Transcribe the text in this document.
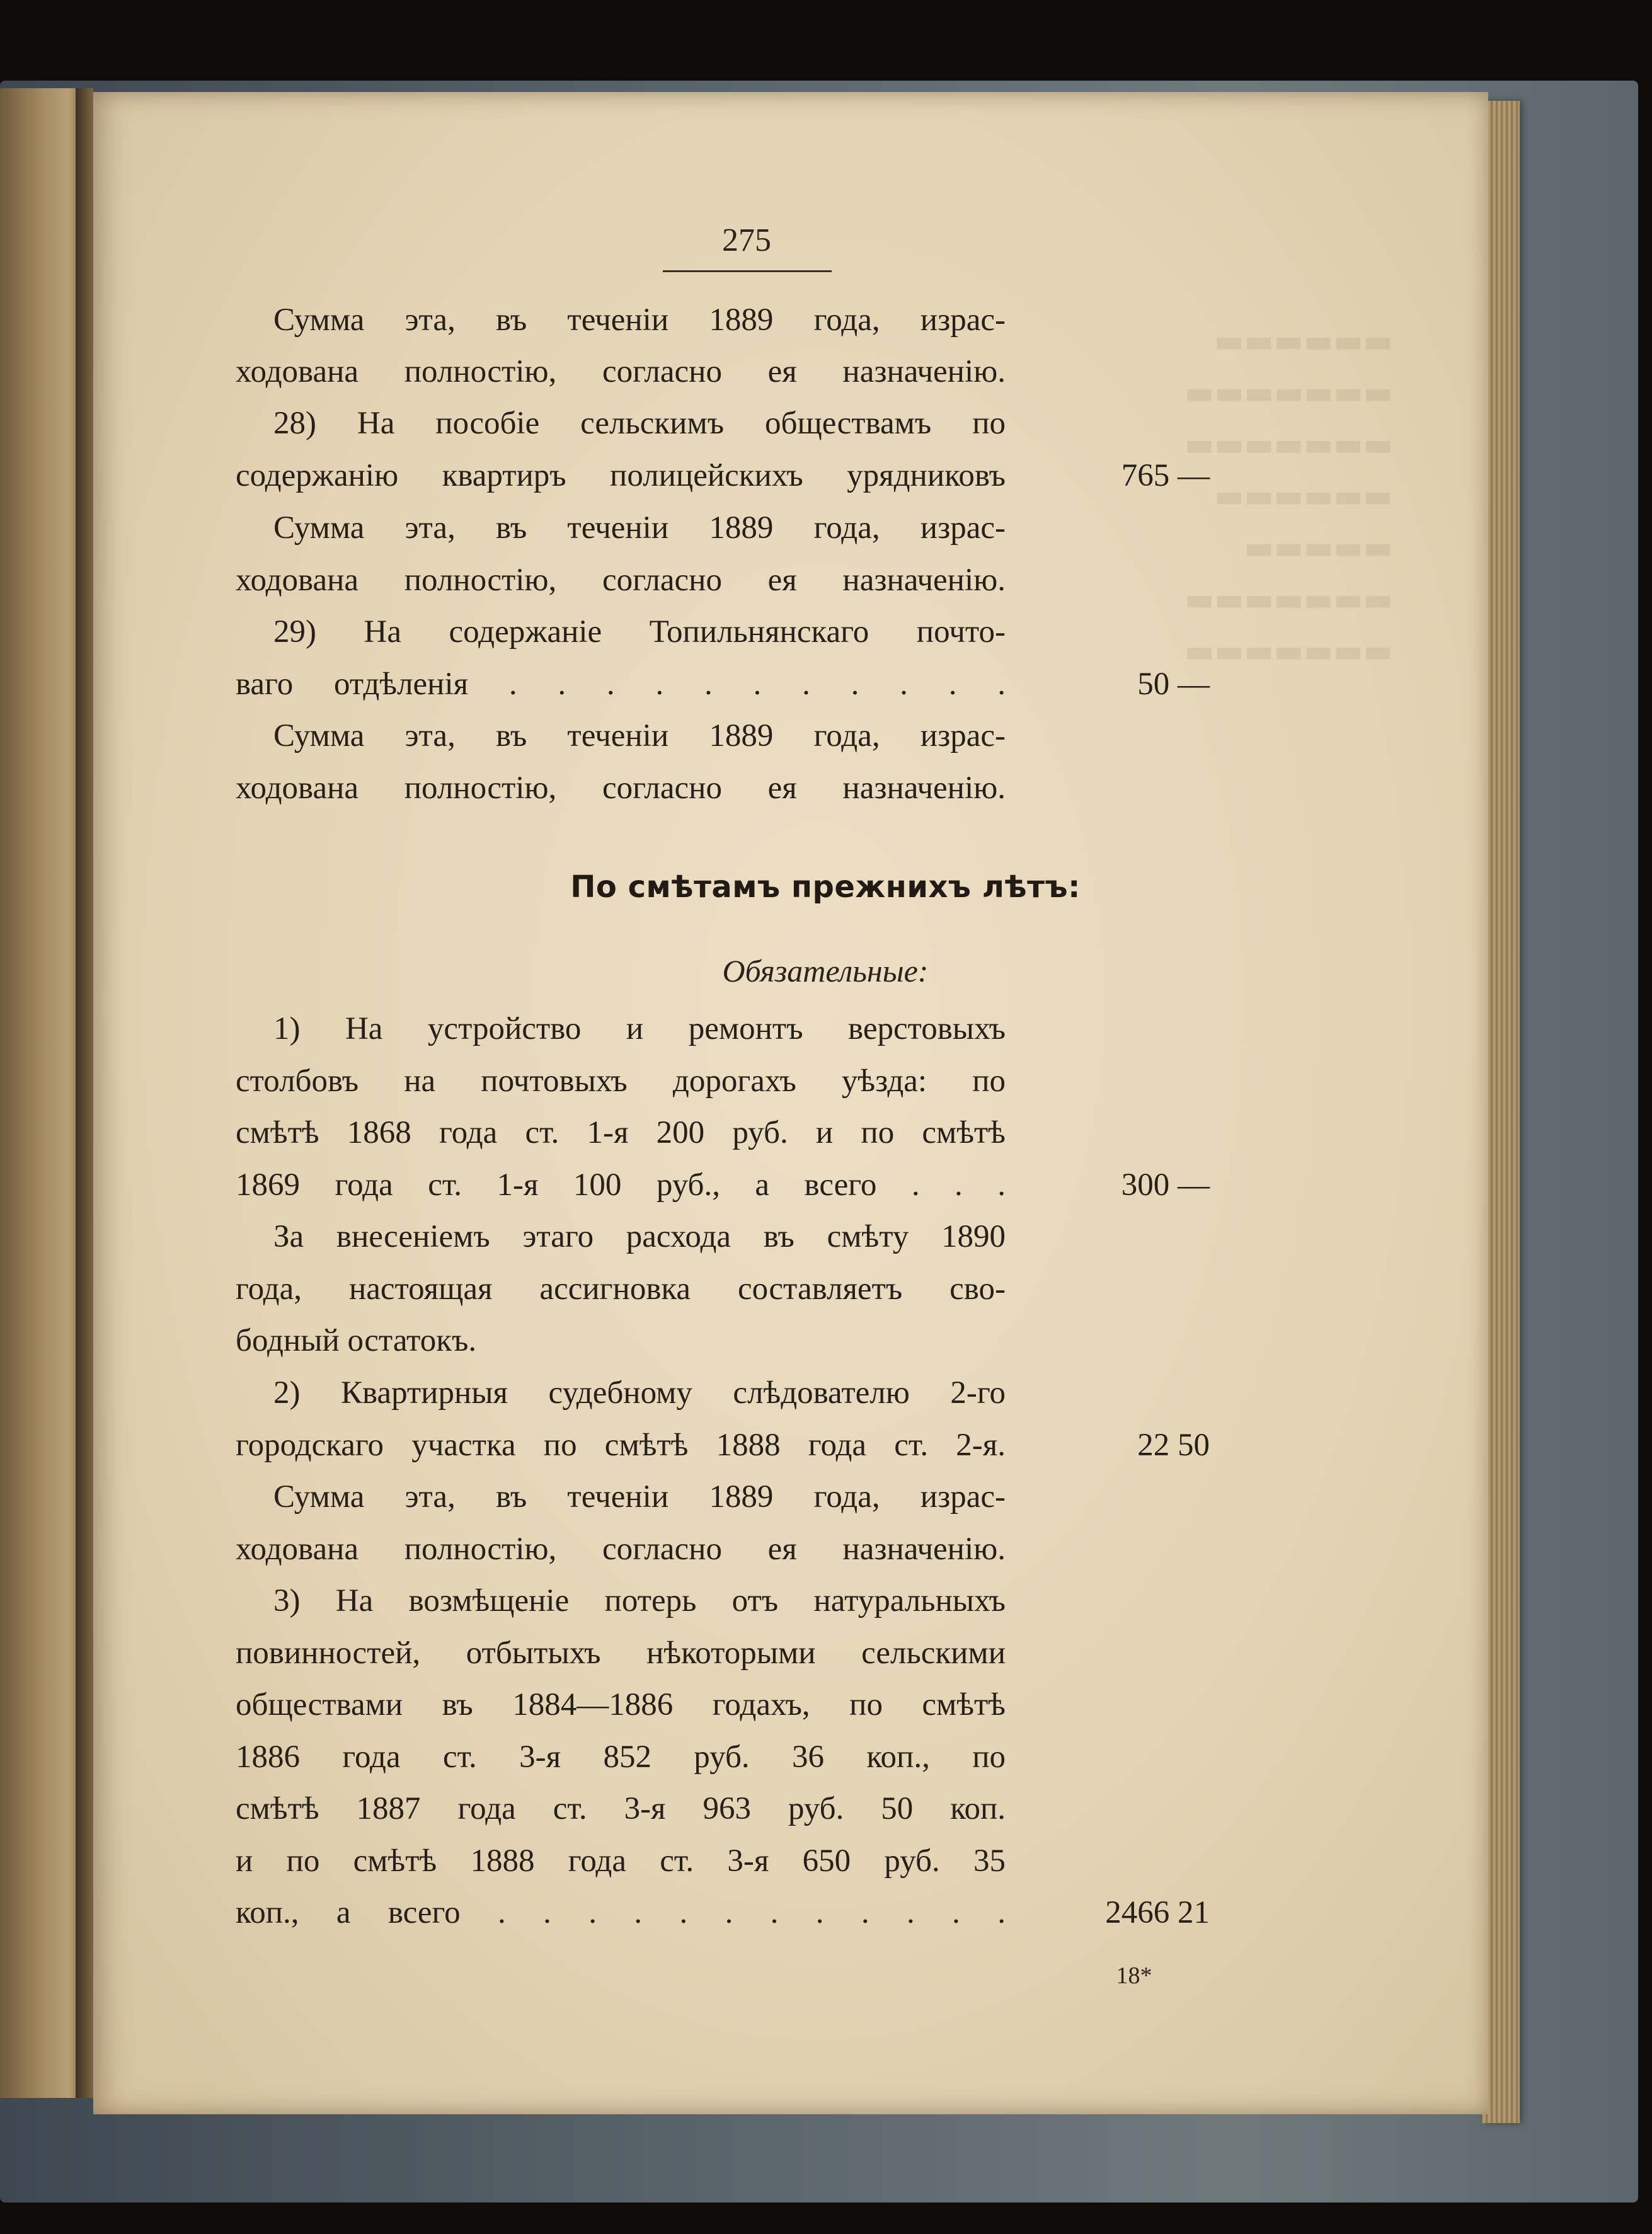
▬▬▬▬▬▬
▬▬▬▬▬▬▬
▬▬▬▬▬▬▬
▬▬▬▬▬▬
▬▬▬▬▬
▬▬▬▬▬▬▬
▬▬▬▬▬▬▬
275
Сумма эта, въ теченіи 1889 года, израс-
ходована полностію, согласно ея назначенію.
28) На пособіе сельскимъ обществамъ по
содержанію квартиръ полицейскихъ урядниковъ	765 —
Сумма эта, въ теченіи 1889 года, израс-
ходована полностію, согласно ея назначенію.
29) На содержаніе Топильнянскаго почто-
ваго отдѣленія . . . . . . . . . . .	50 —
Сумма эта, въ теченіи 1889 года, израс-
ходована полностію, согласно ея назначенію.
По смѣтамъ прежнихъ лѣтъ:
Обязательные:
1) На устройство и ремонтъ верстовыхъ
столбовъ на почтовыхъ дорогахъ уѣзда: по
смѣтѣ 1868 года ст. 1-я 200 руб. и по смѣтѣ
1869 года ст. 1-я 100 руб., а всего . . .	300 —
За внесеніемъ этаго расхода въ смѣту 1890
года, настоящая ассигновка составляетъ сво-
бодный остатокъ.
2) Квартирныя судебному слѣдователю 2-го
городскаго участка по смѣтѣ 1888 года ст. 2-я.	22 50
Сумма эта, въ теченіи 1889 года, израс-
ходована полностію, согласно ея назначенію.
3) На возмѣщеніе потерь отъ натуральныхъ
повинностей, отбытыхъ нѣкоторыми сельскими
обществами въ 1884—1886 годахъ, по смѣтѣ
1886 года ст. 3-я 852 руб. 36 коп., по
смѣтѣ 1887 года ст. 3-я 963 руб. 50 коп.
и по смѣтѣ 1888 года ст. 3-я 650 руб. 35
коп., а всего . . . . . . . . . . . .	2466 21
18*
